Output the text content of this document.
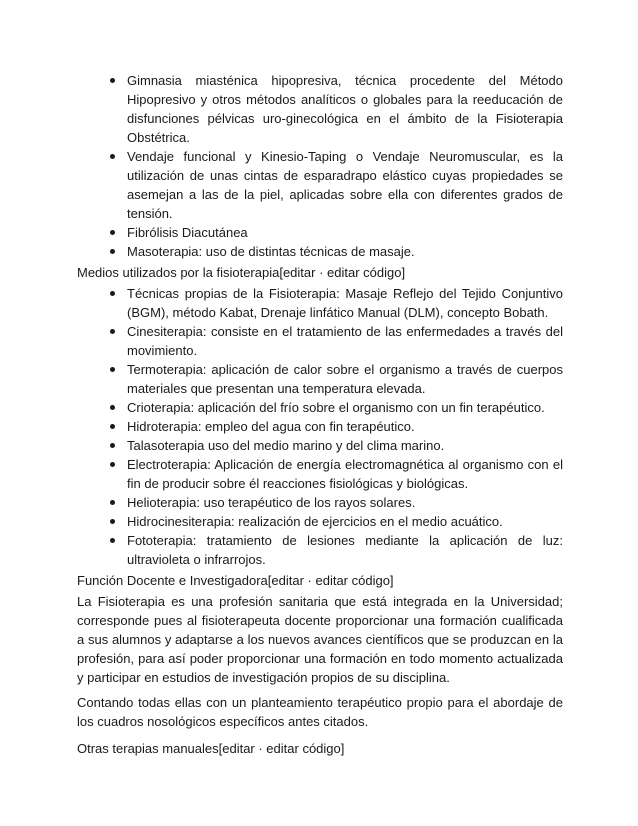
Gimnasia miasténica hipopresiva, técnica procedente del Método Hipopresivo y otros métodos analíticos o globales para la reeducación de disfunciones pélvicas uro-ginecológica en el ámbito de la Fisioterapia Obstétrica.
Vendaje funcional y Kinesio-Taping o Vendaje Neuromuscular, es la utilización de unas cintas de esparadrapo elástico cuyas propiedades se asemejan a las de la piel, aplicadas sobre ella con diferentes grados de tensión.
Fibrólisis Diacutánea
Masoterapia: uso de distintas técnicas de masaje.
Medios utilizados por la fisioterapia[editar · editar código]
Técnicas propias de la Fisioterapia: Masaje Reflejo del Tejido Conjuntivo (BGM), método Kabat, Drenaje linfático Manual (DLM), concepto Bobath.
Cinesiterapia: consiste en el tratamiento de las enfermedades a través del movimiento.
Termoterapia: aplicación de calor sobre el organismo a través de cuerpos materiales que presentan una temperatura elevada.
Crioterapia: aplicación del frío sobre el organismo con un fin terapéutico.
Hidroterapia: empleo del agua con fin terapéutico.
Talasoterapia uso del medio marino y del clima marino.
Electroterapia: Aplicación de energía electromagnética al organismo con el fin de producir sobre él reacciones fisiológicas y biológicas.
Helioterapia: uso terapéutico de los rayos solares.
Hidrocinesiterapia: realización de ejercicios en el medio acuático.
Fototerapia: tratamiento de lesiones mediante la aplicación de luz: ultravioleta o infrarrojos.
Función Docente e Investigadora[editar · editar código]

La Fisioterapia es una profesión sanitaria que está integrada en la Universidad; corresponde pues al fisioterapeuta docente proporcionar una formación cualificada a sus alumnos y adaptarse a los nuevos avances científicos que se produzcan en la profesión, para así poder proporcionar una formación en todo momento actualizada y participar en estudios de investigación propios de su disciplina.

Contando todas ellas con un planteamiento terapéutico propio para el abordaje de los cuadros nosológicos específicos antes citados.

Otras terapias manuales[editar · editar código]
